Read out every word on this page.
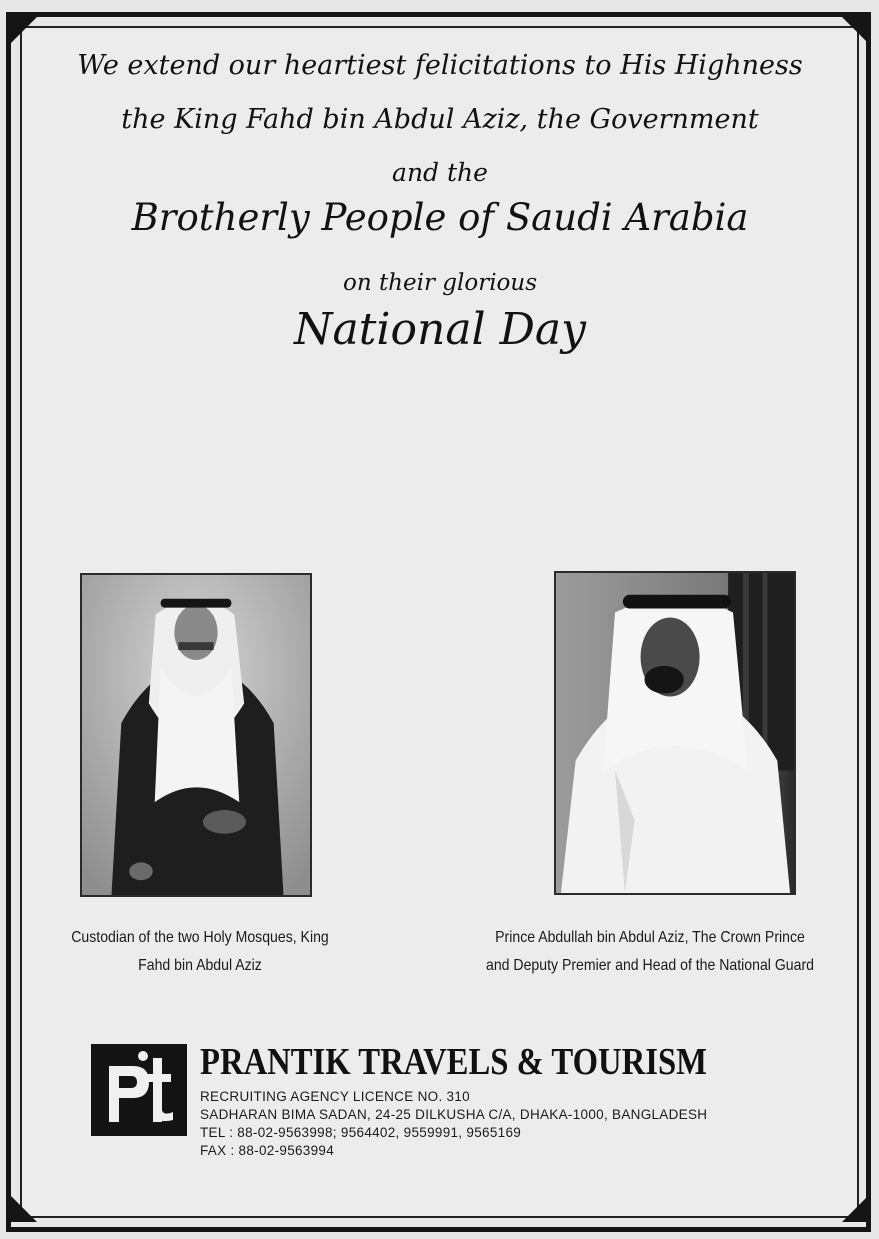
We extend our heartiest felicitations to His Highness
the King Fahd bin Abdul Aziz, the Government
and the
Brotherly People of Saudi Arabia
on their glorious
National Day
Custodian of the two Holy Mosques, King
Fahd bin Abdul Aziz
Prince Abdullah bin Abdul Aziz, The Crown Prince
and Deputy Premier and Head of the National Guard
PRANTIK TRAVELS & TOURISM
RECRUITING AGENCY LICENCE NO. 310
SADHARAN BIMA SADAN, 24-25 DILKUSHA C/A, DHAKA-1000, BANGLADESH
TEL : 88-02-9563998; 9564402, 9559991, 9565169
FAX : 88-02-9563994
